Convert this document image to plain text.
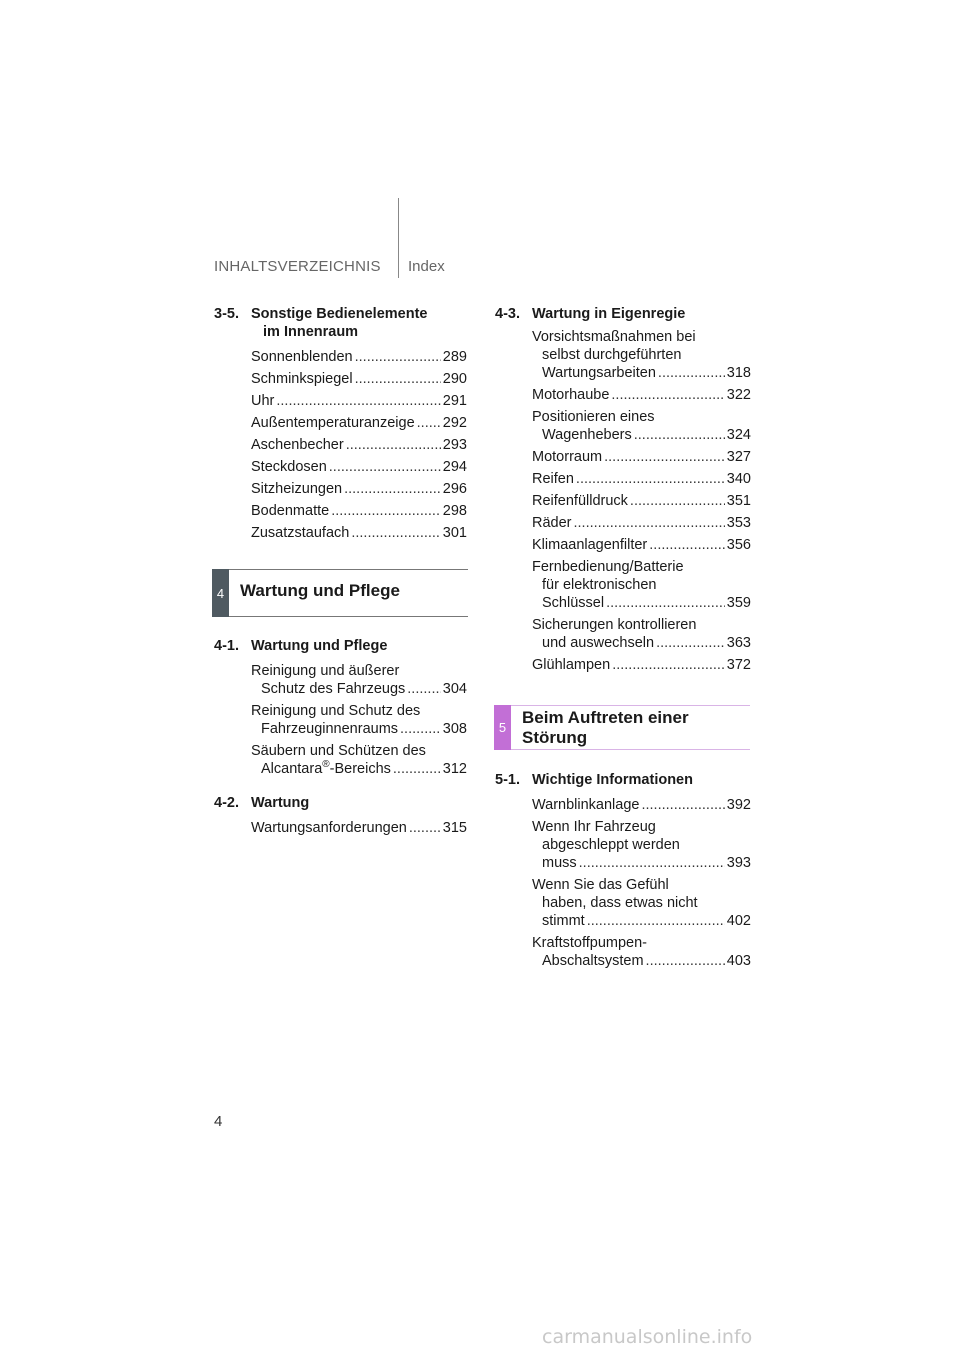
INHALTSVERZEICHNIS Index
3-5. Sonstige Bedienelemente
im Innenraum
Sonnenblenden .....	289
Schminkspiegel .....	290
Uhr .....	291
Außentemperaturanzeige ..... 292
Aschenbecher .....	293
Steckdosen .....	294
Sitzheizungen .....	296
Bodenmatte .....	298
Zusatzstaufach .....	301
4 Wartung und Pflege
4-1. Wartung und Pflege
Reinigung und äußerer
Schutz des Fahrzeugs .....	304
Reinigung und Schutz des
Fahrzeuginnenraums .....	308
Säubern und Schützen des
Alcantara®-Bereichs .....	312
4-2. Wartung
Wartungsanforderungen ..... 315
4-3. Wartung in Eigenregie
Vorsichtsmaßnahmen bei
selbst durchgeführten
Wartungsarbeiten .....	318
Motorhaube .....	322
Positionieren eines
Wagenhebers .....	324
Motorraum .....	327
Reifen .....	340
Reifenfülldruck .....	351
Räder .....	353
Klimaanlagenfilter .....	356
Fernbedienung/Batterie
für elektronischen
Schlüssel .....	359
Sicherungen kontrollieren
und auswechseln .....	363
Glühlampen .....	372
5
Beim Auftreten einer
Störung
5-1. Wichtige Informationen
Warnblinkanlage .....	392
Wenn Ihr Fahrzeug
abgeschleppt werden
muss .....	393
Wenn Sie das Gefühl
haben, dass etwas nicht
stimmt .....	402
Kraftstoffpumpen-
Abschaltsystem .....	403
4
carmanualsonline.info
